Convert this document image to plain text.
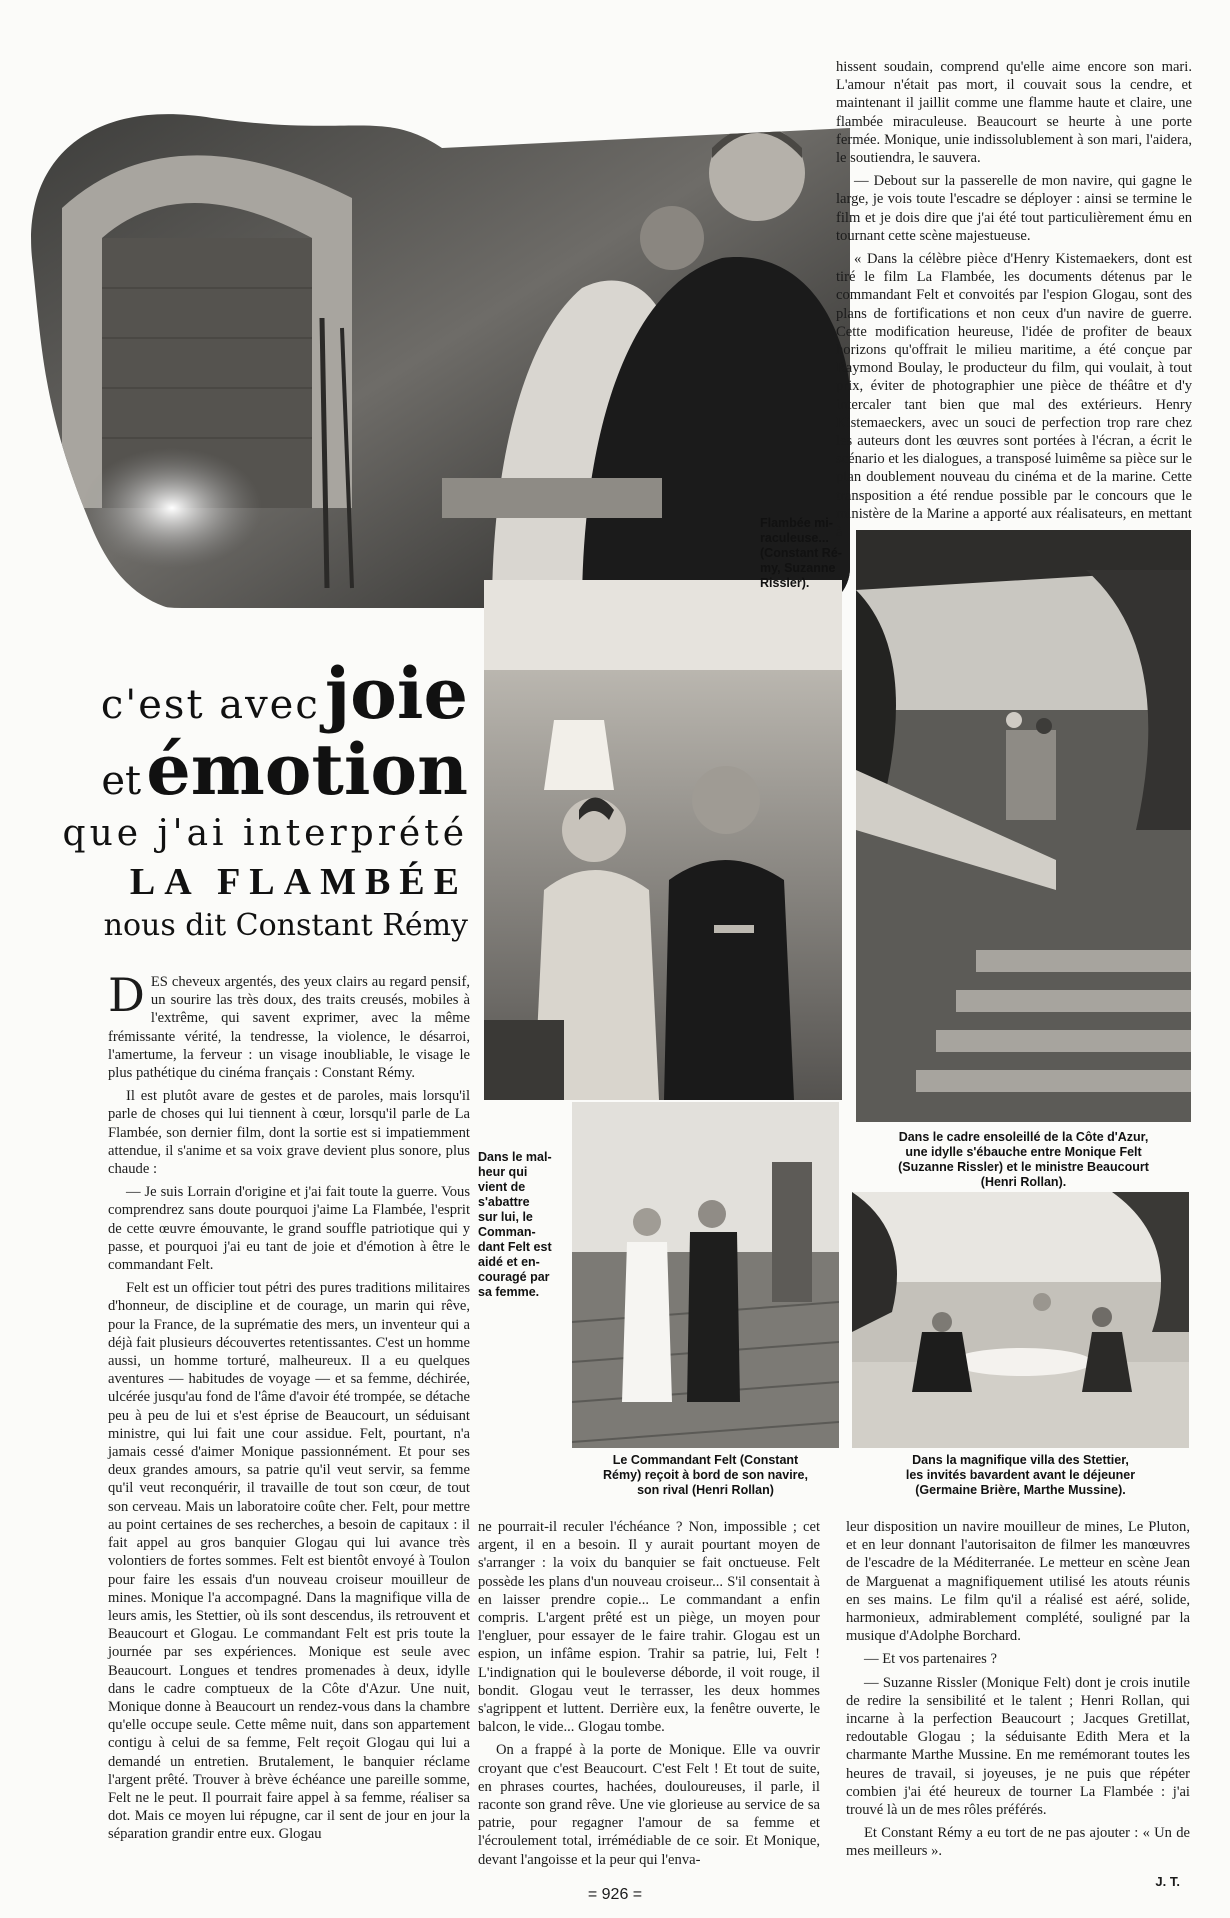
Flambée mi-
raculeuse...
(Constant Ré-
my, Suzanne
Rissler).
Dans le mal-
heur qui
vient de
s'abattre
sur lui, le
Comman-
dant Felt est
aidé et en-
couragé par
sa femme.
Le Commandant Felt (Constant
Rémy) reçoit à bord de son navire,
son rival (Henri Rollan)
Dans le cadre ensoleillé de la Côte d'Azur,
une idylle s'ébauche entre Monique Felt
(Suzanne Rissler) et le ministre Beaucourt
(Henri Rollan).
Dans la magnifique villa des Stettier,
les invités bavardent avant le déjeuner
(Germaine Brière, Marthe Mussine).
c'est avec joie
et émotion
que j'ai interprété
LA FLAMBÉE
nous dit Constant Rémy

hissent soudain, comprend qu'elle aime encore son mari. L'amour n'était pas mort, il couvait sous la cendre, et maintenant il jaillit comme une flamme haute et claire, une flambée miraculeuse. Beaucourt se heurte à une porte fermée. Monique, unie indissolublement à son mari, l'aidera, le soutiendra, le sauvera.

— Debout sur la passerelle de mon navire, qui gagne le large, je vois toute l'escadre se déployer : ainsi se termine le film et je dois dire que j'ai été tout particulièrement ému en tournant cette scène majestueuse.

« Dans la célèbre pièce d'Henry Kistemaekers, dont est tiré le film La Flambée, les documents détenus par le commandant Felt et convoités par l'espion Glogau, sont des plans de fortifications et non ceux d'un navire de guerre. Cette modification heureuse, l'idée de profiter de beaux horizons qu'offrait le milieu maritime, a été conçue par Raymond Boulay, le producteur du film, qui voulait, à tout prix, éviter de photographier une pièce de théâtre et d'y intercaler tant bien que mal des extérieurs. Henry Kistemaeckers, avec un souci de perfection trop rare chez les auteurs dont les œuvres sont portées à l'écran, a écrit le scénario et les dialogues, a transposé luimême sa pièce sur le plan doublement nouveau du cinéma et de la marine. Cette transposition a été rendue possible par le concours que le ministère de la Marine a apporté aux réalisateurs, en mettant à

DES cheveux argentés, des yeux clairs au regard pensif, un sourire las très doux, des traits creusés, mobiles à l'extrême, qui savent exprimer, avec la même frémissante vérité, la tendresse, la violence, le désarroi, l'amertume, la ferveur : un visage inoubliable, le visage le plus pathétique du cinéma français : Constant Rémy.

Il est plutôt avare de gestes et de paroles, mais lorsqu'il parle de choses qui lui tiennent à cœur, lorsqu'il parle de La Flambée, son dernier film, dont la sortie est si impatiemment attendue, il s'anime et sa voix grave devient plus sonore, plus chaude :

— Je suis Lorrain d'origine et j'ai fait toute la guerre. Vous comprendrez sans doute pourquoi j'aime La Flambée, l'esprit de cette œuvre émouvante, le grand souffle patriotique qui y passe, et pourquoi j'ai eu tant de joie et d'émotion à être le commandant Felt.

Felt est un officier tout pétri des pures traditions militaires d'honneur, de discipline et de courage, un marin qui rêve, pour la France, de la suprématie des mers, un inventeur qui a déjà fait plusieurs découvertes retentissantes. C'est un homme aussi, un homme torturé, malheureux. Il a eu quelques aventures — habitudes de voyage — et sa femme, déchirée, ulcérée jusqu'au fond de l'âme d'avoir été trompée, se détache peu à peu de lui et s'est éprise de Beaucourt, un séduisant ministre, qui lui fait une cour assidue. Felt, pourtant, n'a jamais cessé d'aimer Monique passionnément. Et pour ses deux grandes amours, sa patrie qu'il veut servir, sa femme qu'il veut reconquérir, il travaille de tout son cœur, de tout son cerveau. Mais un laboratoire coûte cher. Felt, pour mettre au point certaines de ses recherches, a besoin de capitaux : il fait appel au gros banquier Glogau qui lui avance très volontiers de fortes sommes. Felt est bientôt envoyé à Toulon pour faire les essais d'un nouveau croiseur mouilleur de mines. Monique l'a accompagné. Dans la magnifique villa de leurs amis, les Stettier, où ils sont descendus, ils retrouvent et Beaucourt et Glogau. Le commandant Felt est pris toute la journée par ses expériences. Monique est seule avec Beaucourt. Longues et tendres promenades à deux, idylle dans le cadre comptueux de la Côte d'Azur. Une nuit, Monique donne à Beaucourt un rendez-vous dans la chambre qu'elle occupe seule. Cette même nuit, dans son appartement contigu à celui de sa femme, Felt reçoit Glogau qui lui a demandé un entretien. Brutalement, le banquier réclame l'argent prêté. Trouver à brève échéance une pareille somme, Felt ne le peut. Il pourrait faire appel à sa femme, réaliser sa dot. Mais ce moyen lui répugne, car il sent de jour en jour la séparation grandir entre eux. Glogau

ne pourrait-il reculer l'échéance ? Non, impossible ; cet argent, il en a besoin. Il y aurait pourtant moyen de s'arranger : la voix du banquier se fait onctueuse. Felt possède les plans d'un nouveau croiseur... S'il consentait à en laisser prendre copie... Le commandant a enfin compris. L'argent prêté est un piège, un moyen pour l'engluer, pour essayer de le faire trahir. Glogau est un espion, un infâme espion. Trahir sa patrie, lui, Felt ! L'indignation qui le bouleverse déborde, il voit rouge, il bondit. Glogau veut le terrasser, les deux hommes s'agrippent et luttent. Derrière eux, la fenêtre ouverte, le balcon, le vide... Glogau tombe.

On a frappé à la porte de Monique. Elle va ouvrir croyant que c'est Beaucourt. C'est Felt ! Et tout de suite, en phrases courtes, hachées, douloureuses, il parle, il raconte son grand rêve. Une vie glorieuse au service de sa patrie, pour regagner l'amour de sa femme et l'écroulement total, irrémédiable de ce soir. Et Monique, devant l'angoisse et la peur qui l'enva-

leur disposition un navire mouilleur de mines, Le Pluton, et en leur donnant l'autorisaiton de filmer les manœuvres de l'escadre de la Méditerranée. Le metteur en scène Jean de Marguenat a magnifiquement utilisé les atouts réunis en ses mains. Le film qu'il a réalisé est aéré, solide, harmonieux, admirablement complété, souligné par la musique d'Adolphe Borchard.

— Et vos partenaires ?

— Suzanne Rissler (Monique Felt) dont je crois inutile de redire la sensibilité et le talent ; Henri Rollan, qui incarne à la perfection Beaucourt ; Jacques Gretillat, redoutable Glogau ; la séduisante Edith Mera et la charmante Marthe Mussine. En me remémorant toutes les heures de travail, si joyeuses, je ne puis que répéter combien j'ai été heureux de tourner La Flambée : j'ai trouvé là un de mes rôles préférés.

Et Constant Rémy a eu tort de ne pas ajouter : « Un de mes meilleurs ».

J. T.
= 926 =
